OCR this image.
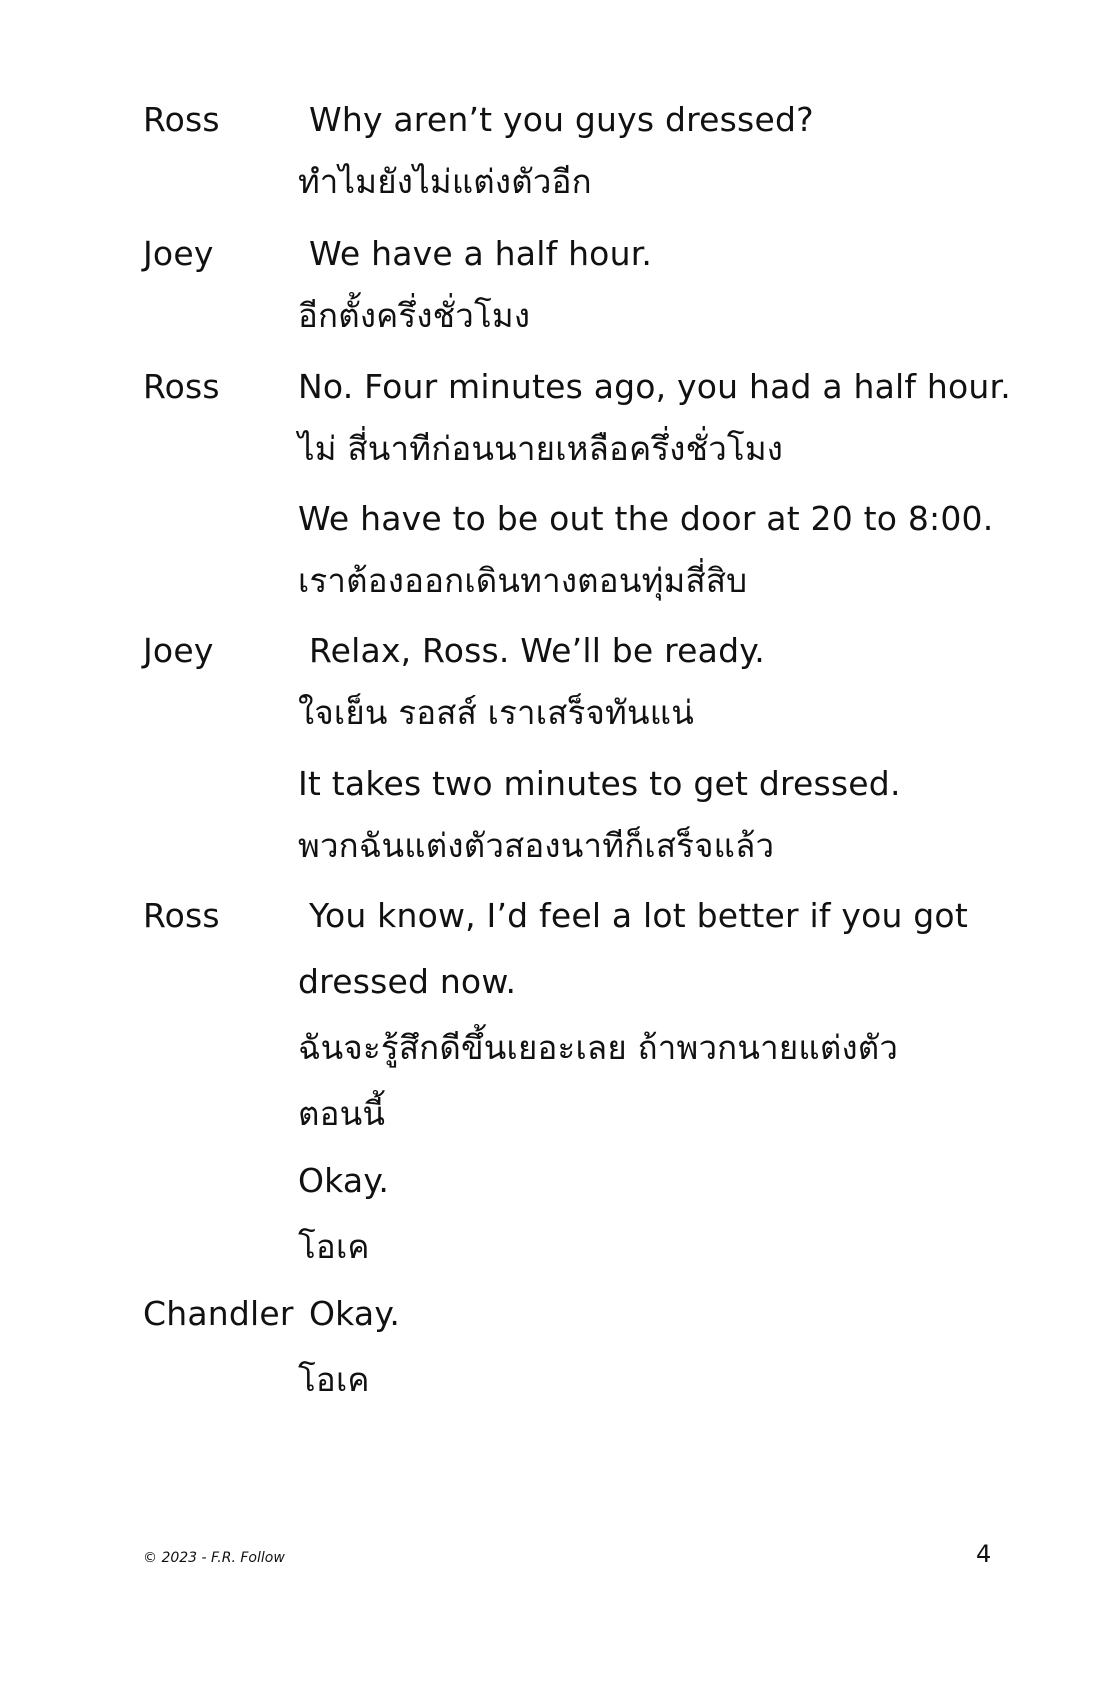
Ross	Why aren’t you guys dressed?
ทำไมยังไม่แต่งตัวอีก
Joey	We have a half hour.
อีกตั้งครึ่งชั่วโมง
Ross No. Four minutes ago, you had a half hour.
ไม่ สี่นาทีก่อนนายเหลือครึ่งชั่วโมง
We have to be out the door at 20 to 8:00.
เราต้องออกเดินทางตอนทุ่มสี่สิบ
Joey	Relax, Ross. We’ll be ready.
ใจเย็น รอสส์ เราเสร็จทันแน่
It takes two minutes to get dressed.
พวกฉันแต่งตัวสองนาทีก็เสร็จแล้ว
Ross	You know, I’d feel a lot better if you got
dressed now.
ฉันจะรู้สึกดีขึ้นเยอะเลย ถ้าพวกนายแต่งตัว
ตอนนี้
Okay.
โอเค
Chandler Okay.
โอเค
© 2023 - F.R. Follow	4
